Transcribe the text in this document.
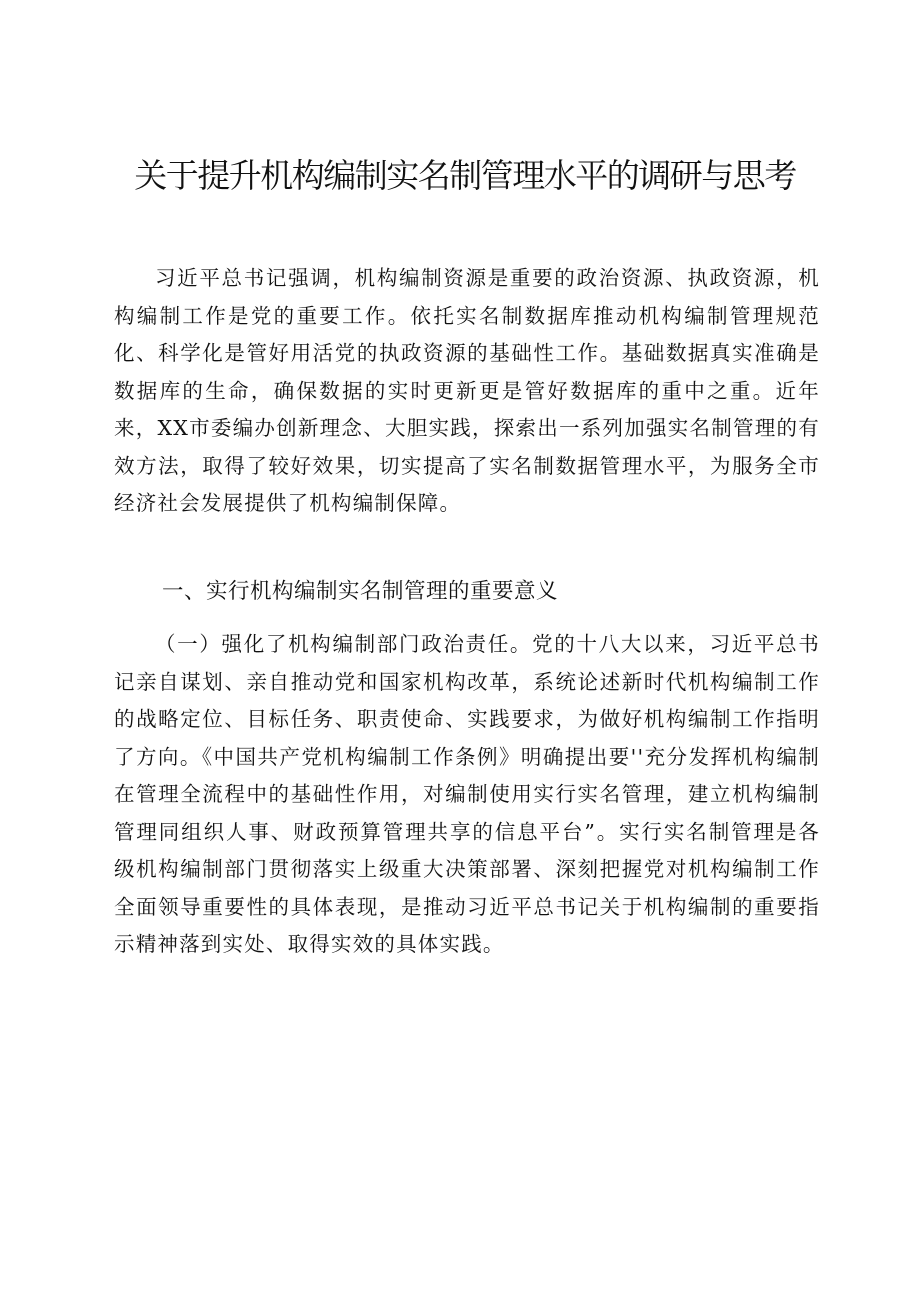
关于提升机构编制实名制管理水平的调研与思考

习近平总书记强调，机构编制资源是重要的政治资源、执政资源，机构编制工作是党的重要工作。依托实名制数据库推动机构编制管理规范化、科学化是管好用活党的执政资源的基础性工作。基础数据真实准确是数据库的生命，确保数据的实时更新更是管好数据库的重中之重。近年来，XX市委编办创新理念、大胆实践，探索出一系列加强实名制管理的有效方法，取得了较好效果，切实提高了实名制数据管理水平，为服务全市经济社会发展提供了机构编制保障。

一、实行机构编制实名制管理的重要意义

（一）强化了机构编制部门政治责任。党的十八大以来，习近平总书记亲自谋划、亲自推动党和国家机构改革，系统论述新时代机构编制工作的战略定位、目标任务、职责使命、实践要求，为做好机构编制工作指明了方向。《中国共产党机构编制工作条例》明确提出要''充分发挥机构编制在管理全流程中的基础性作用，对编制使用实行实名管理，建立机构编制管理同组织人事、财政预算管理共享的信息平台”。实行实名制管理是各级机构编制部门贯彻落实上级重大决策部署、深刻把握党对机构编制工作全面领导重要性的具体表现，是推动习近平总书记关于机构编制的重要指示精神落到实处、取得实效的具体实践。
